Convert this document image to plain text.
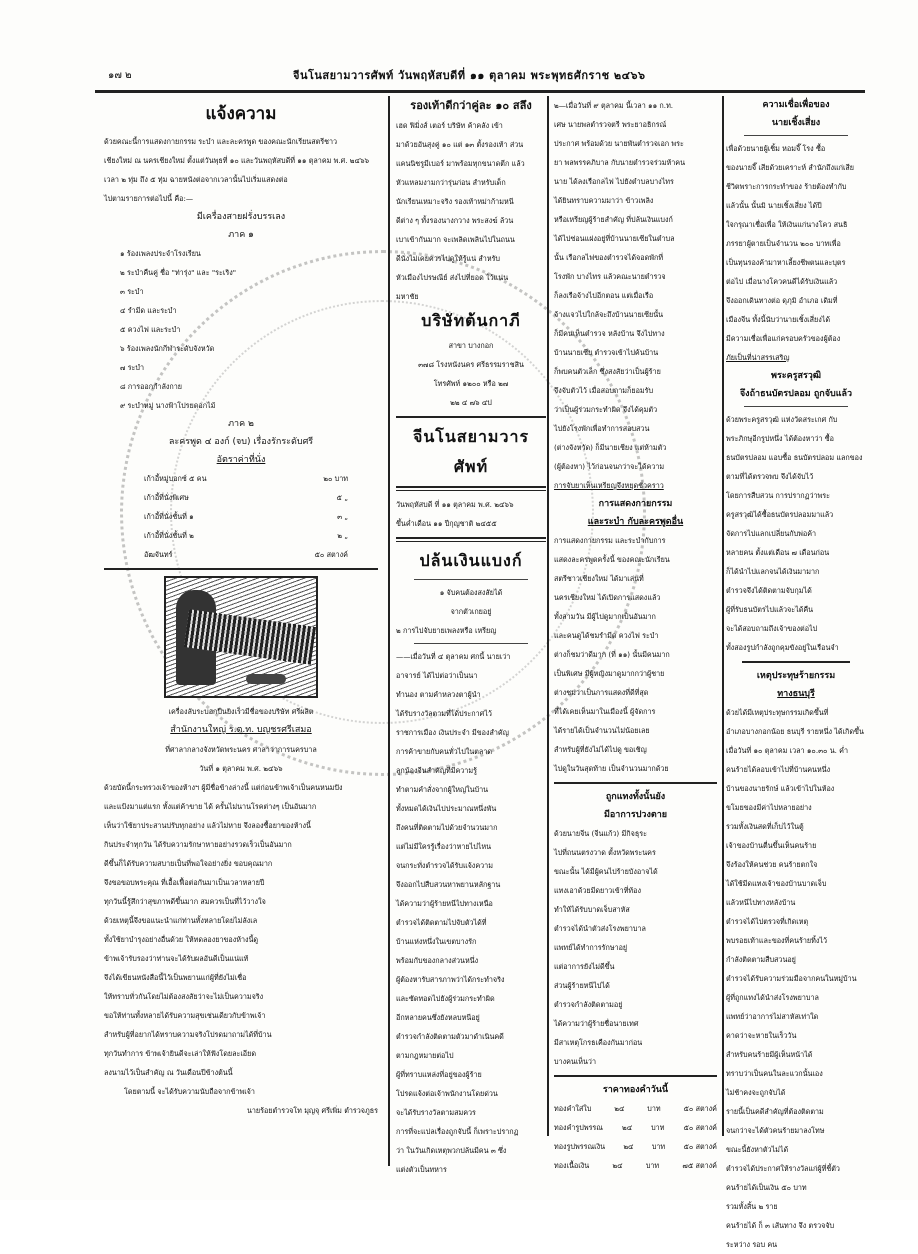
๑๗ ๒	จีนโนสยามวารศัพท์ วันพฤหัสบดีที่ ๑๑ ตุลาคม พระพุทธศักราช ๒๔๖๖
แจ้งความ
ด้วยคณะนี้การแสดงกายกรรม ระบำ และละครพูด ของคณะนักเรียนสตรีชาว
เชียงใหม่ ณ นครเชียงใหม่ ตั้งแต่วันพุธที่ ๑๐ และวันพฤหัสบดีที่ ๑๑ ตุลาคม พ.ศ. ๒๔๖๖
เวลา ๒ ทุ่ม ถึง ๕ ทุ่ม ฉายหนังต่อจากเวลานั้นไปเริ่มแสดงต่อ
ไปตามรายการต่อไปนี้ คือ:—
มีเครื่องสายฝรั่งบรรเลง
ภาค ๑
๑ ร้องเพลงประจำโรงเรียน
๒ ระบำคืนคู่ ชื่อ "ท่ารุ่ง" และ "ระเริง"
๓ ระบำ
๔ รำมีด และระบำ
๕ ควงไฟ และระบำ
๖ ร้องเพลงนักกีฬาระดับจังหวัด
๗ ระบำ
๘ การออกกำลังกาย
๙ ระบำหมู่ นางฟ้าโปรยดอกไม้
ภาค ๒
ละครพูด ๔ องก์ (จบ) เรื่องรักระดับศรี
อัตราค่าที่นั่ง
เก้าอี้หมู่บอกซ์ ๕ คน	๒๐ บาท
เก้าอี้ที่นั่งพิเศษ	๕ „
เก้าอี้ที่นั่งชั้นที่ ๑	๓ „
เก้าอี้ที่นั่งชั้นที่ ๒	๒ „
อัฒจันทร์	๕๐ สตางค์
เครื่องลับระบอกปืนยิงเร็วมีชื่อของบริษัท ศรีผลิต
สำนักงานใหญ่ ร.ต.ท. บญชรศรีเสมอ
ที่ศาลากลางจังหวัดพระนคร ศาลาว่าการนครบาล
วันที่ ๑ ตุลาคม พ.ศ. ๒๔๖๖
ด้วยบัดนี้กระทรวงเจ้าของห้างฯ ผู้มีชื่อข้างล่างนี้ แต่ก่อนข้าพเจ้าเป็นคนหนมปัง
และแป้งมาแต่แรก ทั้งแต่ค้าขาย ได้ ครั้นไม่นานโรคต่างๆ เป็นอันมาก
เห็นว่าใช้ยาประสานปรับทุกอย่าง แล้วไม่หาย จึงลองซื้อยาของห้างนี้
กินประจำทุกวัน ได้รับความรักษาหายอย่างรวดเร็วเป็นอันมาก
ดีขึ้นก็ได้รับความสบายเป็นที่พอใจอย่างยิ่ง ขอบคุณมาก
จึงขอขอบพระคุณ ที่เอื้อเฟื้อต่อกันมาเป็นเวลาหลายปี
ทุกวันนี้รู้สึกว่าสุขภาพดีขึ้นมาก สมควรเป็นที่ไว้วางใจ
ด้วยเหตุนี้จึงขอแนะนำแก่ท่านทั้งหลายโดยไม่ลังเล
ทั้งใช้ยาบำรุงอย่างอื่นด้วย ให้ทดลองยาของห้างนี้ดู
ข้าพเจ้ารับรองว่าท่านจะได้รับผลอันดีเป็นแน่แท้
จึงได้เขียนหนังสือนี้ไว้เป็นพยานแก่ผู้ที่ยังไม่เชื่อ
ให้ทราบทั่วกันโดยไม่ต้องสงสัยว่าจะไม่เป็นความจริง
ขอให้ท่านทั้งหลายได้รับความสุขเช่นเดียวกับข้าพเจ้า
สำหรับผู้ที่อยากได้ทราบความจริงโปรดมาถามได้ที่บ้าน
ทุกวันทำการ ข้าพเจ้ายินดีจะเล่าให้ฟังโดยละเอียด
ลงนามไว้เป็นสำคัญ ณ วันเดือนปีข้างต้นนี้
โดยตามนี้ จะได้รับความนับถือจากข้าพเจ้า
นายร้อยตำรวจโท มุญจุ ศรีเพิ่ม ตำรวจภูธร
รองเท้าดีกว่าคู่ละ ๑๐ สลึง
เฮด ฟิมิ่งส์ เตอร์ บริษัท ค้าคลัง เข้า
มาด้วยอันสุงคู่ ๑๐ แต่ ๑๓ ตั้งรองเท้า ส่วน
แคนนิชรูมีเบอร์ มาพร้อมทุกขนาดตีก แล้ว
หัวแหลมงามกว่ารุ่นก่อน สำหรับเด็ก
นักเรียนเหมาะจริง รองเท้าหม่าก้ามหนี
ดีต่าง ๆ ทั้งรองนางกวาง พระสงฆ์ ล้วน
เบาเข้ากันมาก จะเพลิดเพลินไปในถนน
ดีนั่งไม่เคยควรไปดูให้รู้แน่ สำหรับ
หัวเมืองไปรษณีย์ ส่งไปที่ยอด ไว้แน่น
มหาชัย
บริษัทต้นกาภี
สาขา บางกอก
๓๗๘ โรงหนังนคร ศรีธรรมราชสิน
โทรศัพท์ ๑๒๐๐ หรือ ๒๗
๒๒ ๔ ๗๖ ๔ป
จีนโนสยามวารศัพท์
วันพฤหัสบดี ที่ ๑๑ ตุลาคม พ.ศ. ๒๔๖๖
ขึ้นค่ำเดือน ๑๑ ปีกุญชาติ ๒๔๕๕
ปล้นเงินแบงก์
๑ จับคนต้องสงสัยได้
จากตัวเกยอยู่
๒ การไปจับยายเพลงหรือ เหรียญ
——เมื่อวันที่ ๔ ตุลาคม ศกนี้ นายเว่า
อาจารย์ ได้ไปต่อว่าเป็นนา
ทำนอง ตามคำหลวงตาผู้นำ
ได้รับรางวัลตามที่ได้ประกาศไว้
ราชการเมือง เงินประจำ มีของสำคัญ
การค้าขายกับคนทั่วไปในตลาด
ลูกน้องจีนสำคัญที่มีความรู้
ทำตามคำสั่งจากผู้ใหญ่ในบ้าน
ทั้งหมดได้เงินไปประมาณหนึ่งพัน
ถึงคนที่ติดตามไปด้วยจำนวนมาก
แต่ไม่มีใครรู้เรื่องว่าหายไปไหน
จนกระทั่งตำรวจได้รับแจ้งความ
จึงออกไปสืบสวนหาพยานหลักฐาน
ได้ความว่าผู้ร้ายหนีไปทางเหนือ
ตำรวจได้ติดตามไปจับตัวได้ที่
บ้านแห่งหนึ่งในเขตบางรัก
พร้อมกับของกลางส่วนหนึ่ง
ผู้ต้องหารับสารภาพว่าได้กระทำจริง
และซัดทอดไปยังผู้ร่วมกระทำผิด
อีกหลายคนซึ่งยังหลบหนีอยู่
ตำรวจกำลังติดตามตัวมาดำเนินคดี
ตามกฎหมายต่อไป
ผู้ที่ทราบแหล่งที่อยู่ของผู้ร้าย
โปรดแจ้งต่อเจ้าพนักงานโดยด่วน
จะได้รับรางวัลตามสมควร
การที่จะแปลเรื่องถูกจับนี้ ก็เพราะปรากฏ
ว่า ในวันเกิดเหตุพวกปล้นมีคน ๓ ซึ่ง
แต่งตัวเป็นทหาร
๒—เมื่อวันที่ ๙ ตุลาคม นี้เวลา ๑๑ ก.ท.
เศษ นายพลตำรวจตรี พระยาอธิกรณ์
ประกาศ พร้อมด้วย นายพันตำรวจเอก พระ
ยา พลพรรคภิบาล กับนายตำรวจร่วมห้าคน
นาย ได้ลงเรือกลไฟ ไปยังตำบลบางไทร
ได้ยินทราบความมาว่า ข้าวเพลิง
หรือเหรียญผู้ร้ายสำคัญ ที่ปล้นเงินแบงก์
ได้ไปซ่อนแฝงอยู่ที่บ้านนายเซียในตำบล
นั้น เรือกลไฟของตำรวจได้จอดพักที่
โรงพัก บางไทร แล้วคณะนายตำรวจ
ก็ลงเรือจ้างไปอีกตอน แต่เมื่อเรือ
จ้างแจวไปใกล้จะถึงบ้านนายเซียนั้น
ก็มีคนเห็นตำรวจ หลังบ้าน จึงไปทาง
บ้านนายเซีย ตำรวจเข้าไปค้นบ้าน
ก็พบคนตัวเล็ก ซึ่งสงสัยว่าเป็นผู้ร้าย
จึงจับตัวไว้ เมื่อสอบถามก็ยอมรับ
ว่าเป็นผู้ร่วมกระทำผิด จึงได้คุมตัว
ไปยังโรงพักเพื่อทำการสอบสวน
(ต่างจังหวัด) ก็มีนายเชียง แต่ห้ามตัว
(ผู้ต้องหา) ไว้ก่อนจนกว่าจะได้ความ
การจับยาเห็นเหรียญจึงหยุดชั่วคราว
การแสดงกายกรรม
และระบำ กับละครพูดอื่น
การแสดงกายกรรม และระบำกับการ
แสดงละครพูดครั้งนี้ ของคณะนักเรียน
สตรีชาวเชียงใหม่ ได้มาเล่นที่
นครเชียงใหม่ ได้เปิดการแสดงแล้ว
ทั้งสามวัน มีผู้ไปดูมากเป็นอันมาก
และคนดูได้ชมรำมีด ควงไฟ ระบำ
ต่างก็ชมว่าดีมาก (ที่ ๑๑) นั้นมีคนมาก
เป็นพิเศษ มีผู้หญิงมาดูมากกว่าผู้ชาย
ต่างชมว่าเป็นการแสดงที่ดีที่สุด
ที่ได้เคยเห็นมาในเมืองนี้ ผู้จัดการ
ได้รายได้เป็นจำนวนไม่น้อยเลย
สำหรับผู้ที่ยังไม่ได้ไปดู ขอเชิญ
ไปดูในวันสุดท้าย เป็นจำนวนมากด้วย
ถูกแทงทั้งนั้นยัง
มีอาการปวงตาย
ด้วยนายจีน (จีนแก้ว) มีกิจธุระ
ไปที่ถนนตรงวาด ตั้งหวัดพระนคร
ขณะนั้น ได้มีผู้คนไปร้ายบังอาจได้
แทงเอาด้วยมีดยาวเข้าที่ท้อง
ทำให้ได้รับบาดเจ็บสาหัส
ตำรวจได้นำตัวส่งโรงพยาบาล
แพทย์ได้ทำการรักษาอยู่
แต่อาการยังไม่ดีขึ้น
ส่วนผู้ร้ายหนีไปได้
ตำรวจกำลังติดตามอยู่
ได้ความว่าผู้ร้ายชื่อนายเทศ
มีสาเหตุโกรธเคืองกันมาก่อน
บางคนเห็นว่า
ราคาทองคำวันนี้
ทองคำใส่ใบ	๒๔	บาท	๕๐ สตางค์
ทองคำรูปพรรณ	๒๔	บาท	๕๐ สตางค์
ทองรูปพรรณเงิน	๒๔	บาท	๕๐ สตางค์
ทองเนื้อเงิน	๒๔	บาท	๗๕ สตางค์
ความเชื่อเพื่อของ
นายเชิ้งเสี่ยง
เพื่อด้วยนายผู้เชิ้ม หอมจี๊ โรง ซื้อ
ของนายจี๊ เสียด้วยเคราะห์ สำนักถึงแก่เสีย
ชีวิตพราะการกระทำของ ร้ายต้องทำกับ
แล้วนั้น นั้นมิ นายเชิ้งเสี่ยง ได้ปี
ใจกรุณาเชื่อเพื่อ ให้เงินแก่นางโคว สนธิ
ภรรยาผู้ตายเป็นจำนวน ๒๐๐ บาทเพื่อ
เป็นทุนรองค้ามาหาเลี้ยงชีพตนและบุตร
ต่อไป เมื่อนางโควคนดีได้รับเงินแล้ว
จึงออกเดินทางต่อ ดุภุมิ อำเภอ เดิมที่
เมืองจีน ทั้งนี้นับว่านายเชิ้งเสี่ยงได้
มีความเชื่อเพื่อแก่ครอบครัวของผู้ต้อง
ภัยเป็นที่น่าสรรเสริญ
พระครูสรวุฒิ
จึงถ้าธนบัตรปลอม ถูกจับแล้ว
ด้วยพระครูสรวุฒิ แห่งวัดสระเกศ กับ
พระภิกษุอีกรูปหนึ่ง ได้ต้องหาว่า ซื้อ
ธนบัตรปลอม แอบซื้อ ธนบัตรปลอม แลกของ
ตามที่ได้ตรวจพบ จึงได้จับไว้
โดยการสืบสวน การปรากฏว่าพระ
ครูสรวุฒิได้ซื้อธนบัตรปลอมมาแล้ว
จัดการไปแลกเปลี่ยนกับพ่อค้า
หลายคน ตั้งแต่เดือน ๗ เดือนก่อน
ก็ได้นำไปแลกจนได้เงินมามาก
ตำรวจจึงได้ติดตามจับกุมได้
ผู้ที่รับธนบัตรไปแล้วจะได้คืน
จะได้สอบถามถึงเจ้าของต่อไป
ทั้งสองรูปกำลังถูกคุมขังอยู่ในเรือนจำ
เหตุประทุษร้ายกรรม
ทางธนบุรี
ด้วยได้มีเหตุประทุษกรรมเกิดขึ้นที่
อำเภอบางกอกน้อย ธนบุรี รายหนึ่ง ได้เกิดขึ้น
เมื่อวันที่ ๑๐ ตุลาคม เวลา ๑๐.๓๐ น. ค่ำ
คนร้ายได้ลอบเข้าไปที่บ้านคนหนึ่ง
บ้านของนายรักษ์ แล้วเข้าไปในห้อง
ขโมยของมีค่าไปหลายอย่าง
รวมทั้งเงินสดที่เก็บไว้ในตู้
เจ้าของบ้านตื่นขึ้นเห็นคนร้าย
จึงร้องให้คนช่วย คนร้ายตกใจ
ได้ใช้มีดแทงเจ้าของบ้านบาดเจ็บ
แล้วหนีไปทางหลังบ้าน
ตำรวจได้ไปตรวจที่เกิดเหตุ
พบรอยเท้าและของที่คนร้ายทิ้งไว้
กำลังติดตามสืบสวนอยู่
ตำรวจได้รับความร่วมมือจากคนในหมู่บ้าน
ผู้ที่ถูกแทงได้นำส่งโรงพยาบาล
แพทย์ว่าอาการไม่สาหัสเท่าใด
คาดว่าจะหายในเร็ววัน
สำหรับคนร้ายมีผู้เห็นหน้าได้
ทราบว่าเป็นคนในละแวกนั้นเอง
ไม่ช้าคงจะถูกจับได้
รายนี้เป็นคดีสำคัญที่ต้องติดตาม
จนกว่าจะได้ตัวคนร้ายมาลงโทษ
ขณะนี้ยังหาตัวไม่ได้
ตำรวจได้ประกาศให้รางวัลแก่ผู้ที่ชี้ตัว
คนร้ายได้เป็นเงิน ๕๐ บาท
รวมทั้งสิ้น ๒ ราย
คนร้ายได้ ก็ ๓ เส้นทาง จึง ตรวจจับ
ระหว่าง รอบ คน
